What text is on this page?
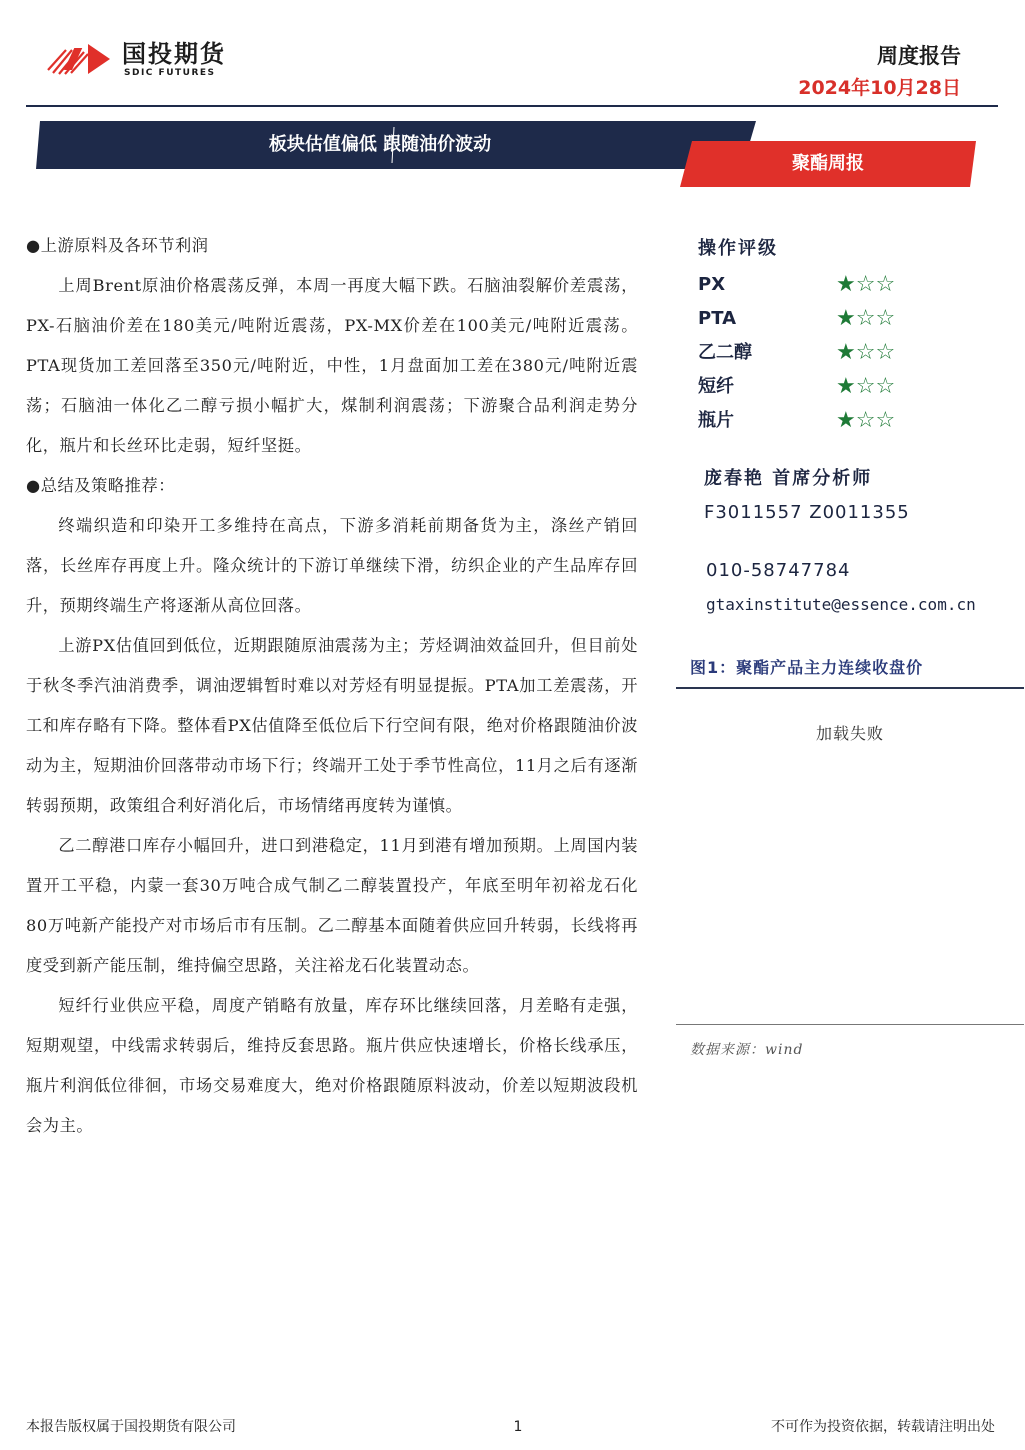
国投期货
SDIC FUTURES
周度报告
2024年10月28日
板块估值偏低 跟随油价波动
聚酯周报
●上游原料及各环节利润

上周Brent原油价格震荡反弹，本周一再度大幅下跌。石脑油裂解价差震荡，PX-石脑油价差在180美元/吨附近震荡，PX-MX价差在100美元/吨附近震荡。PTA现货加工差回落至350元/吨附近，中性，1月盘面加工差在380元/吨附近震荡；石脑油一体化乙二醇亏损小幅扩大，煤制利润震荡；下游聚合品利润走势分化，瓶片和长丝环比走弱，短纤坚挺。

●总结及策略推荐：

终端织造和印染开工多维持在高点，下游多消耗前期备货为主，涤丝产销回落，长丝库存再度上升。隆众统计的下游订单继续下滑，纺织企业的产生品库存回升，预期终端生产将逐渐从高位回落。

上游PX估值回到低位，近期跟随原油震荡为主；芳烃调油效益回升，但目前处于秋冬季汽油消费季，调油逻辑暂时难以对芳烃有明显提振。PTA加工差震荡，开工和库存略有下降。整体看PX估值降至低位后下行空间有限，绝对价格跟随油价波动为主，短期油价回落带动市场下行；终端开工处于季节性高位，11月之后有逐渐转弱预期，政策组合利好消化后，市场情绪再度转为谨慎。

乙二醇港口库存小幅回升，进口到港稳定，11月到港有增加预期。上周国内装置开工平稳，内蒙一套30万吨合成气制乙二醇装置投产，年底至明年初裕龙石化80万吨新产能投产对市场后市有压制。乙二醇基本面随着供应回升转弱，长线将再度受到新产能压制，维持偏空思路，关注裕龙石化装置动态。

短纤行业供应平稳，周度产销略有放量，库存环比继续回落，月差略有走强，短期观望，中线需求转弱后，维持反套思路。瓶片供应快速增长，价格长线承压，瓶片利润低位徘徊，市场交易难度大，绝对价格跟随原料波动，价差以短期波段机会为主。

操作评级
PX	★☆☆
PTA	★☆☆
乙二醇	★☆☆
短纤	★☆☆
瓶片	★☆☆
庞春艳 首席分析师
F3011557 Z0011355
010-58747784
gtaxinstitute@essence.com.cn
图1：聚酯产品主力连续收盘价
加载失败
数据来源：wind
本报告版权属于国投期货有限公司	1	不可作为投资依据，转载请注明出处
